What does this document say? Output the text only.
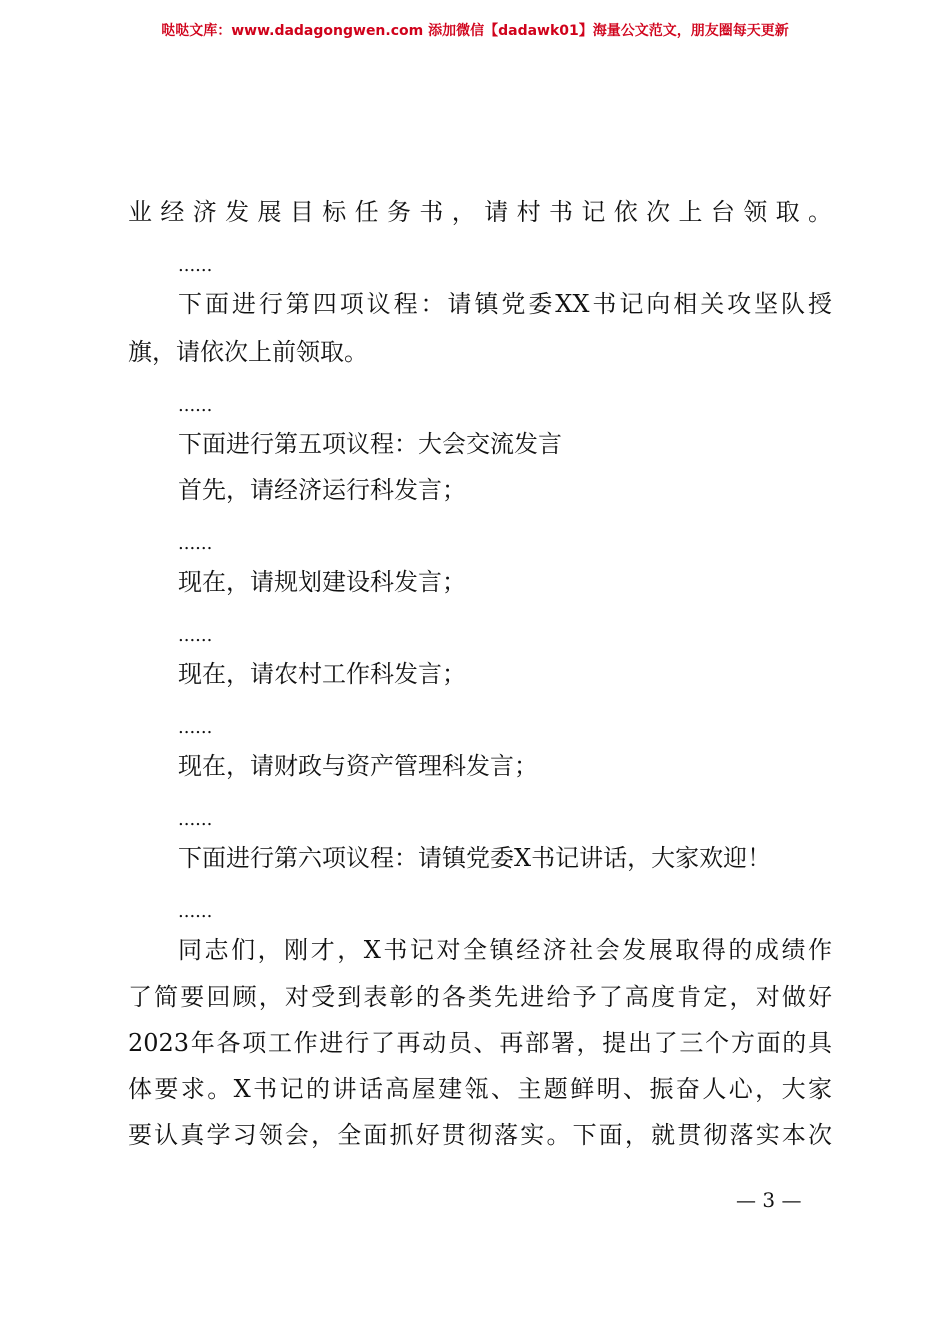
哒哒文库：www.dadagongwen.com 添加微信【dadawk01】海量公文范文，朋友圈每天更新
业经济发展目标任务书，请村书记依次上台领取。
......
下面进行第四项议程：请镇党委XX书记向相关攻坚队授
旗，请依次上前领取。
......
下面进行第五项议程：大会交流发言
首先，请经济运行科发言；
......
现在，请规划建设科发言；
......
现在，请农村工作科发言；
......
现在，请财政与资产管理科发言；
......
下面进行第六项议程：请镇党委X书记讲话，大家欢迎！
......
同志们，刚才，X书记对全镇经济社会发展取得的成绩作
了简要回顾，对受到表彰的各类先进给予了高度肯定，对做好
2023年各项工作进行了再动员、再部署，提出了三个方面的具
体要求。X书记的讲话高屋建瓴、主题鲜明、振奋人心，大家
要认真学习领会，全面抓好贯彻落实。下面，就贯彻落实本次
— 3 —
